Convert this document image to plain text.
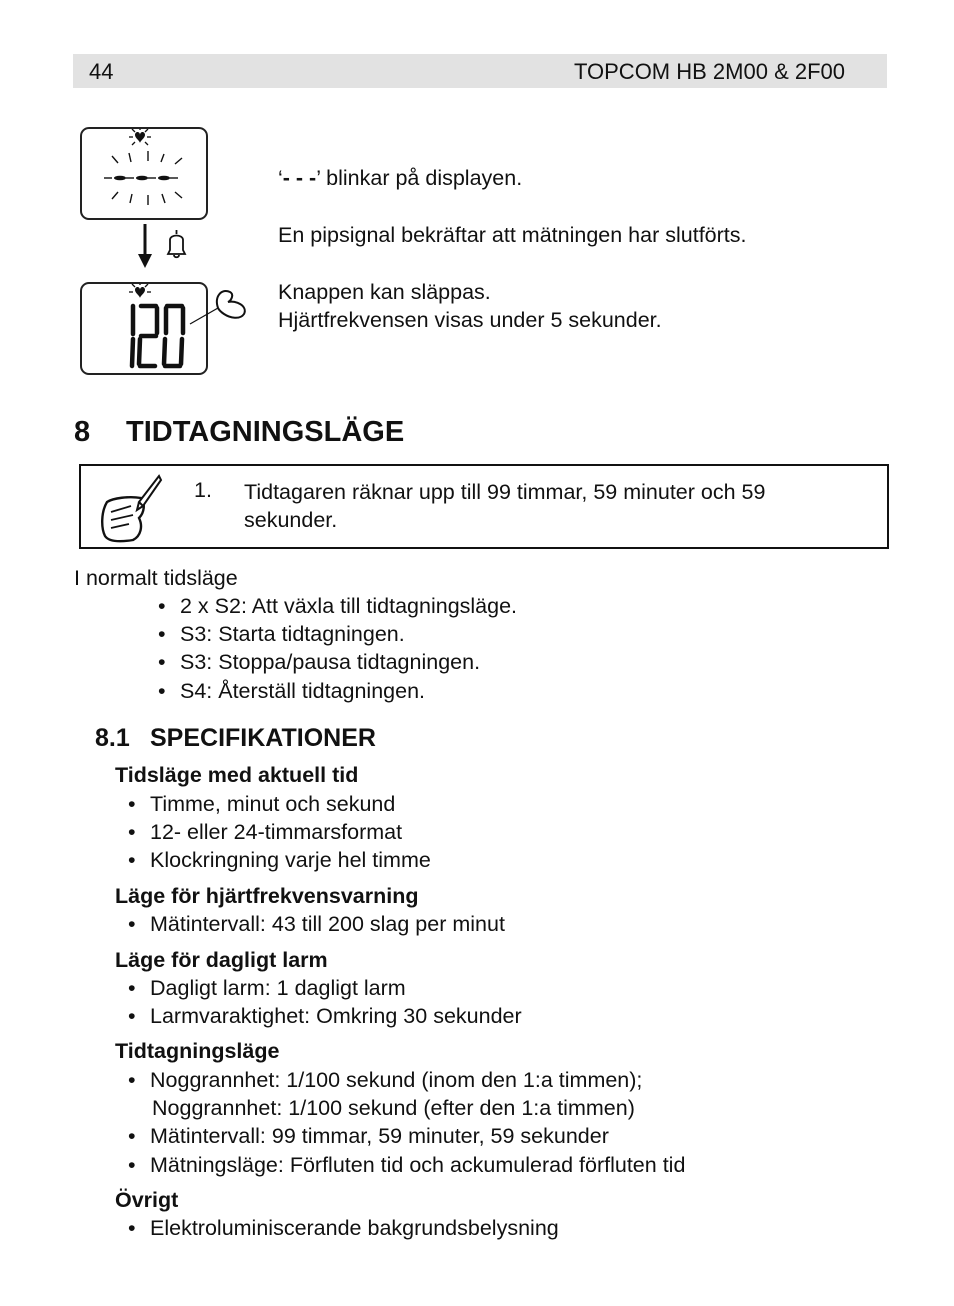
44	TOPCOM HB 2M00 & 2F00
‘- - -’ blinkar på displayen.
En pipsignal bekräftar att mätningen har slutförts.
Knappen kan släppas.
Hjärtfrekvensen visas under 5 sekunder.
8 TIDTAGNINGSLÄGE
1. Tidtagaren räknar upp till 99 timmar, 59 minuter och 59 sekunder.
I normalt tidsläge
• 2 x S2: Att växla till tidtagningsläge.
• S3: Starta tidtagningen.
• S3: Stoppa/pausa tidtagningen.
• S4: Återställ tidtagningen.
8.1 SPECIFIKATIONER
Tidsläge med aktuell tid
• Timme, minut och sekund
• 12- eller 24-timmarsformat
• Klockringning varje hel timme
Läge för hjärtfrekvensvarning
• Mätintervall: 43 till 200 slag per minut
Läge för dagligt larm
• Dagligt larm: 1 dagligt larm
• Larmvaraktighet: Omkring 30 sekunder
Tidtagningsläge
• Noggrannhet: 1/100 sekund (inom den 1:a timmen);
Noggrannhet: 1/100 sekund (efter den 1:a timmen)
• Mätintervall: 99 timmar, 59 minuter, 59 sekunder
• Mätningsläge: Förfluten tid och ackumulerad förfluten tid
Övrigt
• Elektroluminiscerande bakgrundsbelysning
